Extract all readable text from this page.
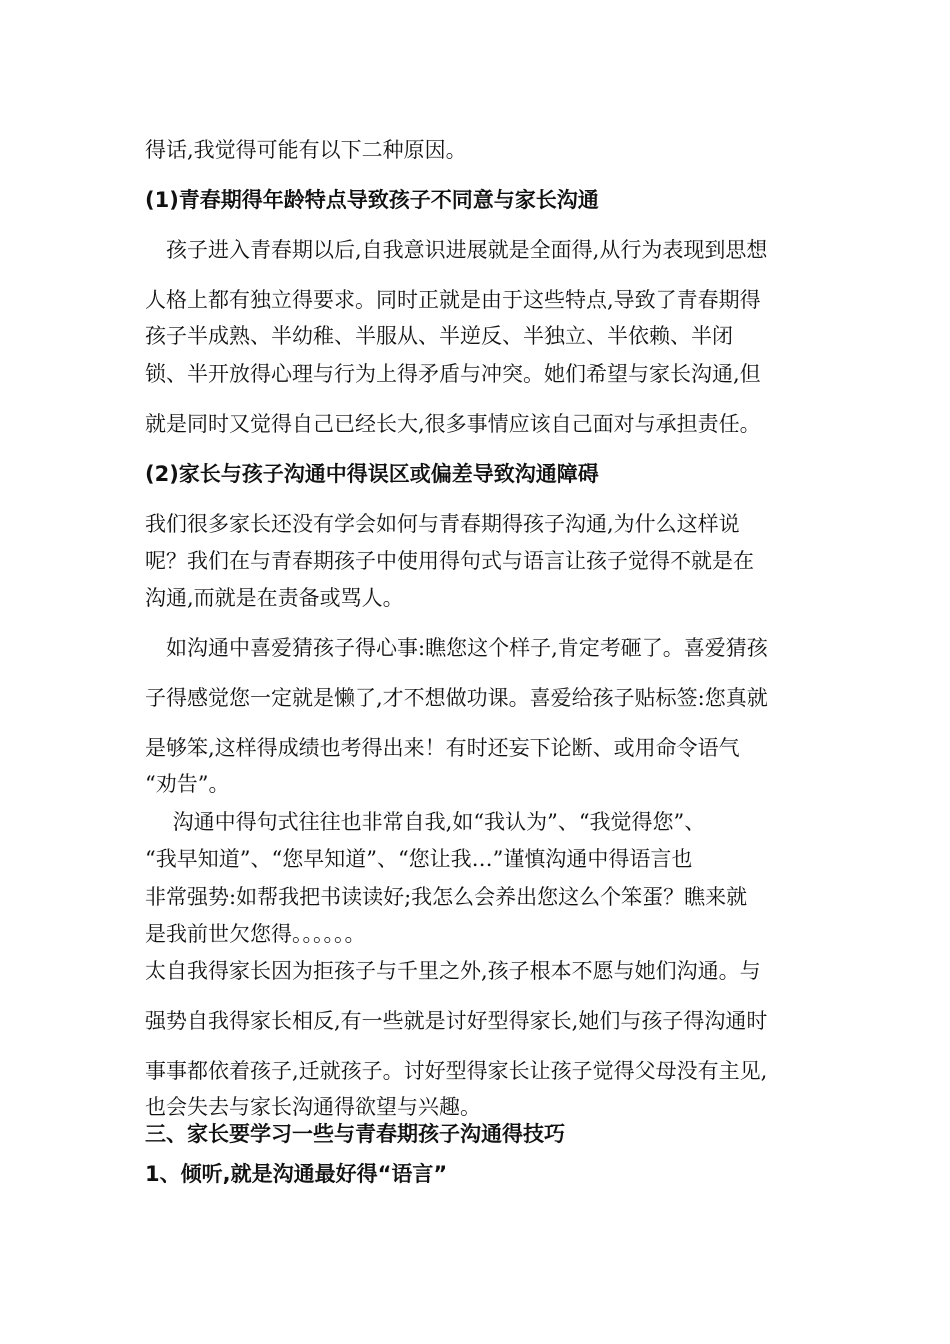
得话,我觉得可能有以下二种原因。
(1)青春期得年龄特点导致孩子不同意与家长沟通
　孩子进入青春期以后,自我意识进展就是全面得,从行为表现到思想
人格上都有独立得要求。同时正就是由于这些特点,导致了青春期得
孩子半成熟、半幼稚、半服从、半逆反、半独立、半依赖、半闭
锁、半开放得心理与行为上得矛盾与冲突。她们希望与家长沟通,但
就是同时又觉得自己已经长大,很多事情应该自己面对与承担责任。
(2)家长与孩子沟通中得误区或偏差导致沟通障碍
我们很多家长还没有学会如何与青春期得孩子沟通,为什么这样说
呢？我们在与青春期孩子中使用得句式与语言让孩子觉得不就是在
沟通,而就是在责备或骂人。
　如沟通中喜爱猜孩子得心事:瞧您这个样子,肯定考砸了。喜爱猜孩
子得感觉您一定就是懒了,才不想做功课。喜爱给孩子贴标签:您真就
是够笨,这样得成绩也考得出来！有时还妄下论断、或用命令语气
“劝告”。
　 沟通中得句式往往也非常自我,如“我认为”、“我觉得您”、
“我早知道”、“您早知道”、“您让我…”谨慎沟通中得语言也
非常强势:如帮我把书读读好;我怎么会养出您这么个笨蛋？瞧来就
是我前世欠您得。。。。。。
太自我得家长因为拒孩子与千里之外,孩子根本不愿与她们沟通。与
强势自我得家长相反,有一些就是讨好型得家长,她们与孩子得沟通时
事事都依着孩子,迁就孩子。讨好型得家长让孩子觉得父母没有主见,
也会失去与家长沟通得欲望与兴趣。
三、家长要学习一些与青春期孩子沟通得技巧
1、倾听,就是沟通最好得“语言”
